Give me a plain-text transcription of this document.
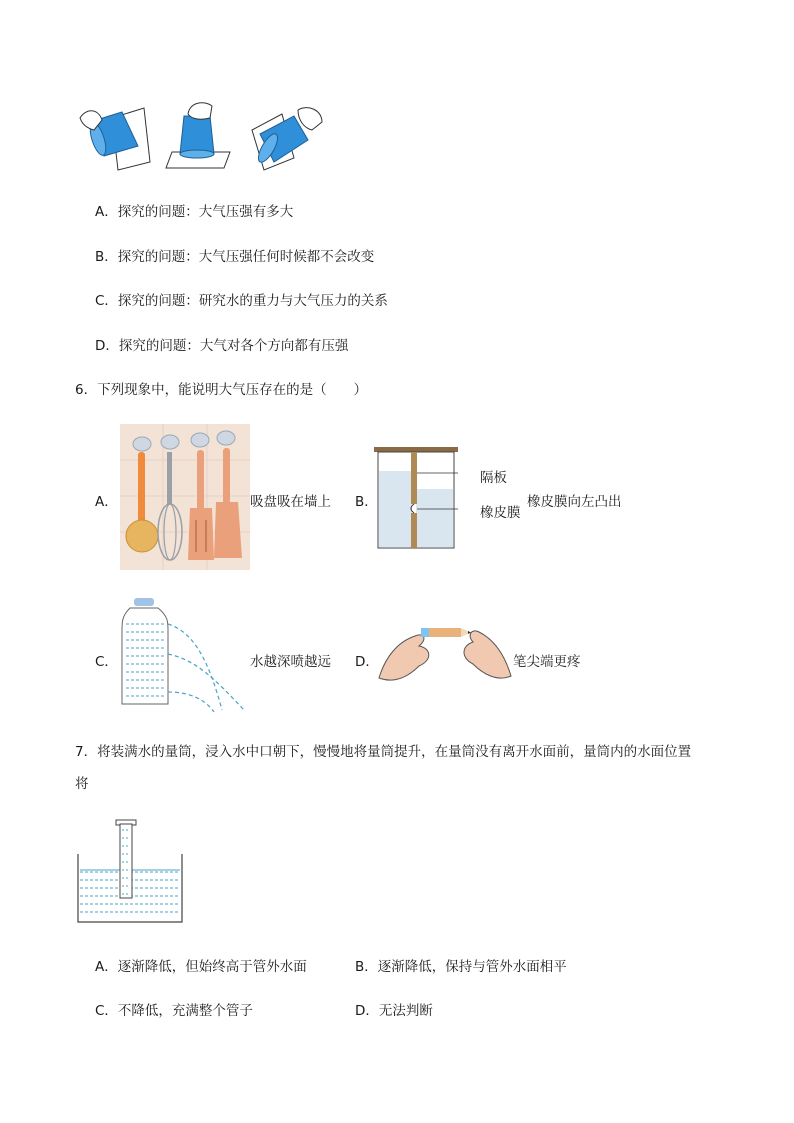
A．探究的问题：大气压强有多大
B．探究的问题：大气压强任何时候都不会改变
C．探究的问题：研究水的重力与大气压力的关系
D．探究的问题：大气对各个方向都有压强
6．下列现象中，能说明大气压存在的是（　　）
A．	吸盘吸在墙上 B．
隔板
橡皮膜
橡皮膜向左凸出
C．	水越深喷越远 D．	笔尖端更疼
7．将装满水的量筒，浸入水中口朝下，慢慢地将量筒提升，在量筒没有离开水面前，量筒内的水面位置
将
A．逐渐降低，但始终高于管外水面	B．逐渐降低，保持与管外水面相平
C．不降低，充满整个管子	D．无法判断
